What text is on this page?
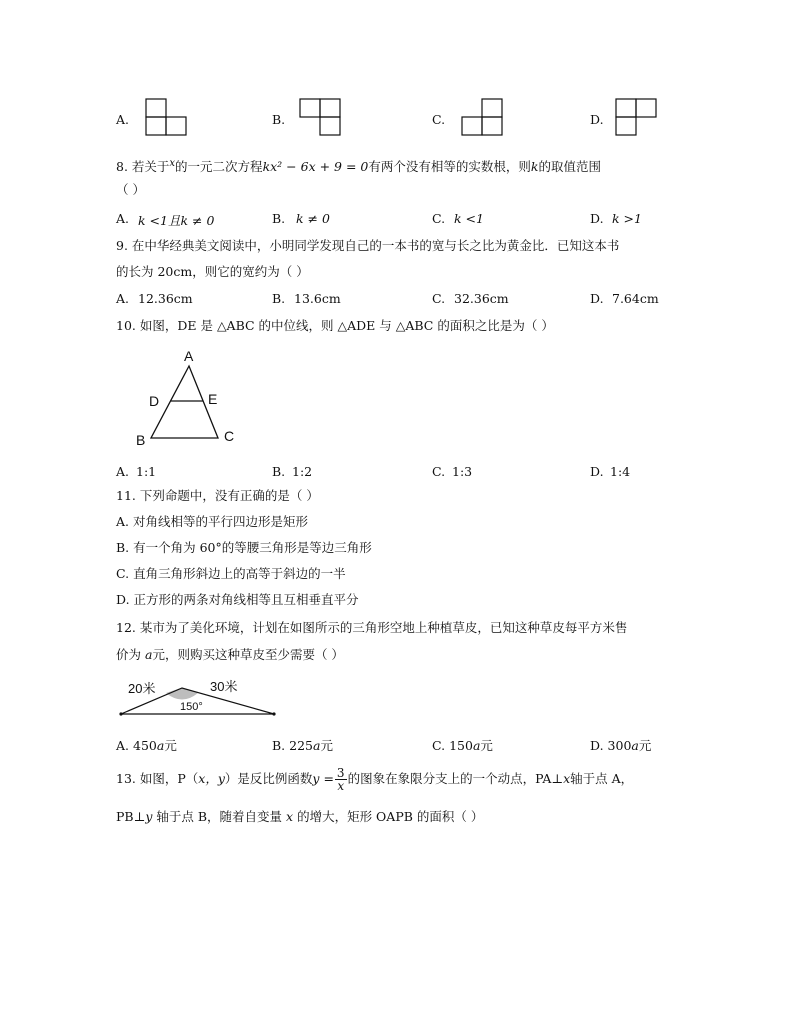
A.	B.	C.	D.
8. 若关于$^x$的一元二次方程kx² − 6x + 9 = 0有两个没有相等的实数根，则k的取值范围
（ ）
A. k <1且k ≠ 0	B. k ≠ 0	C. k <1	D. k >1
9. 在中华经典美文阅读中，小明同学发现自己的一本书的宽与长之比为黄金比．已知这本书
的长为 20cm，则它的宽约为（ ）
A. 12.36cm	B. 13.6cm	C. 32.36cm	D. 7.64cm
10. 如图，DE 是 △ABC 的中位线，则 △ADE 与 △ABC 的面积之比是为（ ）
A
D	E
B	C
A. 1:1	B. 1:2	C. 1:3	D. 1:4
11. 下列命题中，没有正确的是（ ）
A. 对角线相等的平行四边形是矩形
B. 有一个角为 60°的等腰三角形是等边三角形
C. 直角三角形斜边上的高等于斜边的一半
D. 正方形的两条对角线相等且互相垂直平分
12. 某市为了美化环境，计划在如图所示的三角形空地上种植草皮，已知这种草皮每平方米售
价为 a元，则购买这种草皮至少需要（ ）
20米	30米
150°
A. 450a元	B. 225a元	C. 150a元	D. 300a元
13. 如图，P（x，y）是反比例函数$y = \frac{3}{x}$ 的图象在象限分支上的一个动点，PA⊥x轴于点 A，
PB⊥y 轴于点 B，随着自变量 x 的增大，矩形 OAPB 的面积（ ）
